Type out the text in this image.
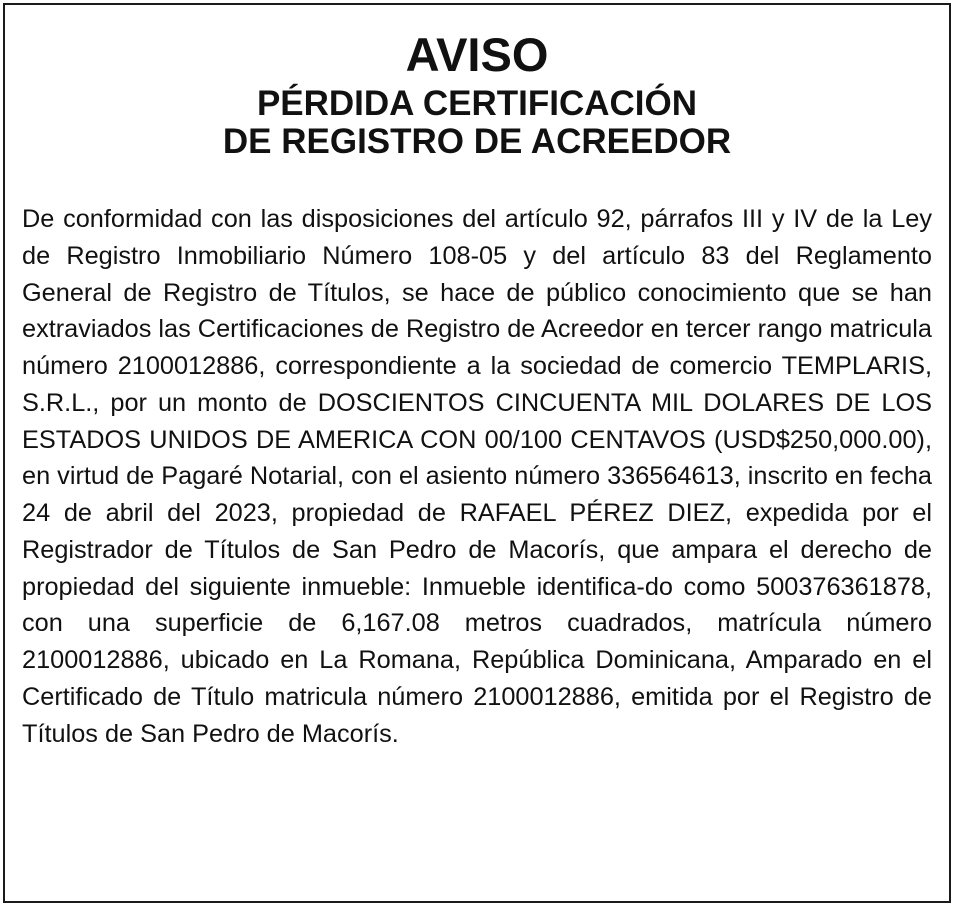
AVISO
PÉRDIDA CERTIFICACIÓN
DE REGISTRO DE ACREEDOR

De conformidad con las disposiciones del artículo 92, párrafos III y IV de la Ley de Registro Inmobiliario Número 108-05 y del artículo 83 del Reglamento General de Registro de Títulos, se hace de público conocimiento que se han extraviados las Certificaciones de Registro de Acreedor en tercer rango matricula número 2100012886, correspondiente a la sociedad de comercio TEMPLARIS, S.R.L., por un monto de DOSCIENTOS CINCUENTA MIL DOLARES DE LOS ESTADOS UNIDOS DE AMERICA CON 00/100 CENTAVOS (USD$250,000.00), en virtud de Pagaré Notarial, con el asiento número 336564613, inscrito en fecha 24 de abril del 2023, propiedad de RAFAEL PÉREZ DIEZ, expedida por el Registrador de Títulos de San Pedro de Macorís, que ampara el derecho de propiedad del siguiente inmueble: Inmueble identifica-do como 500376361878, con una superficie de 6,167.08 metros cuadrados, matrícula número 2100012886, ubicado en La Romana, República Dominicana, Amparado en el Certificado de Título matricula número 2100012886, emitida por el Registro de Títulos de San Pedro de Macorís.
